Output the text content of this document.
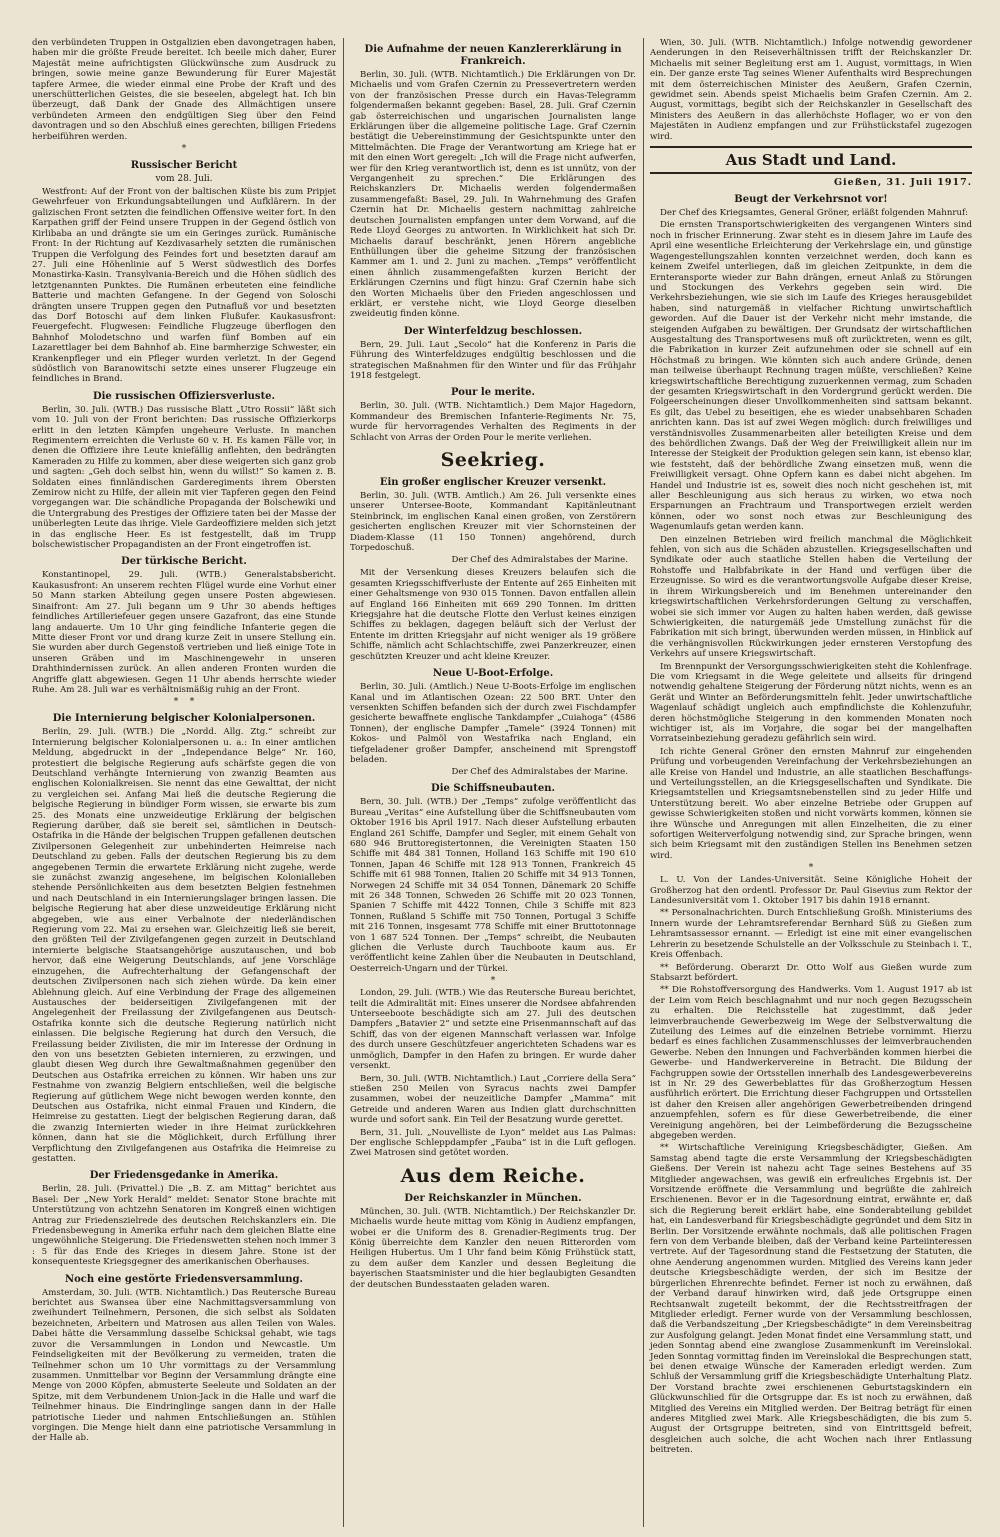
den verbündeten Truppen in Ostgalizien eben davongetragen haben, haben mir die größte Freude bereitet. Ich beeile mich daher, Eurer Majestät meine aufrichtigsten Glückwünsche zum Ausdruck zu bringen, sowie meine ganze Bewunderung für Eurer Majestät tapfere Armee, die wieder einmal eine Probe der Kraft und des unerschütterlichen Geistes, die sie beseelen, abgelegt hat. Ich bin überzeugt, daß Dank der Gnade des Allmächtigen unsere verbündeten Armeen den endgültigen Sieg über den Feind davontragen und so den Abschluß eines gerechten, billigen Friedens herbeiführen werden.

*
Russischer Bericht
vom 28. Juli.

Westfront: Auf der Front von der baltischen Küste bis zum Pripjet Gewehrfeuer von Erkundungsabteilungen und Aufklärern. In der galizischen Front setzten die feindlichen Offensive weiter fort. In den Karpathen griff der Feind unsere Truppen in der Gegend östlich von Kirlibaba an und drängte sie um ein Geringes zurück. Rumänische Front: In der Richtung auf Kezdivasarhely setzten die rumänischen Truppen die Verfolgung des Feindes fort und besetzten darauf am 27. Juli eine Höhenlinie auf 5 Werst südwestlich des Dorfes Monastirka-Kasin. Transylvania-Bereich und die Höhen südlich des letztgenannten Punktes. Die Rumänen erbeuteten eine feindliche Batterie und machten Gefangene. In der Gegend von Soloschi drängten unsere Truppen gegen den Putnafluß vor und besetzten das Dorf Botoschi auf dem linken Flußufer. Kaukasusfront: Feuergefecht. Flugwesen: Feindliche Flugzeuge überflogen den Bahnhof Molodetschno und warfen fünf Bomben auf ein Lazarettlager bei dem Bahnhof ab. Eine barmherzige Schwester, ein Krankenpfleger und ein Pfleger wurden verletzt. In der Gegend südöstlich von Baranowitschi setzte eines unserer Flugzeuge ein feindliches in Brand.

Die russischen Offiziersverluste.

Berlin, 30. Juli. (WTB.) Das russische Blatt „Utro Rossii“ läßt sich vom 10. Juli von der Front berichten: Das russische Offizierkorps erlitt in den letzten Kämpfen ungeheure Verluste. In manchen Regimentern erreichten die Verluste 60 v. H. Es kamen Fälle vor, in denen die Offiziere ihre Leute kniefällig anflehten, den bedrängten Kameraden zu Hilfe zu kommen, aber diese weigerten sich ganz grob und sagten: „Geh doch selbst hin, wenn du willst!“ So kamen z. B. Soldaten eines finnländischen Garderegiments ihrem Obersten Zemirow nicht zu Hilfe, der allein mit vier Tapferen gegen den Feind vorgegangen war. Die schändliche Propaganda der Bolschewiki und die Untergrabung des Prestiges der Offiziere taten bei der Masse der unüberlegten Leute das ihrige. Viele Gardeoffiziere melden sich jetzt in das englische Heer. Es ist festgestellt, daß im Trupp bolschewistischer Propagandisten an der Front eingetroffen ist.

Der türkische Bericht.

Konstantinopel, 29. Juli. (WTB.) Generalstabsbericht. Kaukasusfront: An unserem rechten Flügel wurde eine Vorhut einer 50 Mann starken Abteilung gegen unsere Posten abgewiesen. Sinaifront: Am 27. Juli begann um 9 Uhr 30 abends heftiges feindliches Artilleriefeuer gegen unsere Gazafront, das eine Stunde lang andauerte. Um 10 Uhr ging feindliche Infanterie gegen die Mitte dieser Front vor und drang kurze Zeit in unsere Stellung ein. Sie wurden aber durch Gegenstoß vertrieben und ließ einige Tote in unseren Gräben und im Maschinengewehr in unseren Drahthindernissen zurück. An allen anderen Fronten wurden die Angriffe glatt abgewiesen. Gegen 11 Uhr abends herrschte wieder Ruhe. Am 28. Juli war es verhältnismäßig ruhig an der Front.

*    *
Die Internierung belgischer Kolonialpersonen.

Berlin, 29. Juli. (WTB.) Die „Nordd. Allg. Ztg.“ schreibt zur Internierung belgischer Kolonialpersonen u. a.: In einer amtlichen Meldung, abgedruckt in der „Independance Belge“ Nr. 160, protestiert die belgische Regierung aufs schärfste gegen die von Deutschland verhängte Internierung von zwanzig Beamten aus englischen Kolonialkreisen. Sie nennt das eine Gewalttat, der nicht zu vergleichen sei. Anfang Mai ließ die deutsche Regierung die belgische Regierung in bündiger Form wissen, sie erwarte bis zum 25. des Monats eine unzweideutige Erklärung der belgischen Regierung darüber, daß sie bereit sei, sämtlichen in Deutsch-Ostafrika in die Hände der belgischen Truppen gefallenen deutschen Zivilpersonen Gelegenheit zur unbehinderten Heimreise nach Deutschland zu geben. Falls der deutschen Regierung bis zu dem angegebenen Termin die erwartete Erklärung nicht zugehe, werde sie zunächst zwanzig angesehene, im belgischen Kolonialleben stehende Persönlichkeiten aus dem besetzten Belgien festnehmen und nach Deutschland in ein Internierungslager bringen lassen. Die belgische Regierung hat aber diese unzweideutige Erklärung nicht abgegeben, wie aus einer Verbalnote der niederländischen Regierung vom 22. Mai zu ersehen war. Gleichzeitig ließ sie bereit, den größten Teil der Zivilgefangenen gegen zurzeit in Deutschland internierte belgische Staatsangehörige auszutauschen, und bob hervor, daß eine Weigerung Deutschlands, auf jene Vorschläge einzugehen, die Aufrechterhaltung der Gefangenschaft der deutschen Zivilpersonen nach sich ziehen würde. Da kein einer Ablehnung gleich. Auf eine Verbindung der Frage des allgemeinen Austausches der beiderseitigen Zivilgefangenen mit der Angelegenheit der Freilassung der Zivilgefangenen aus Deutsch-Ostafrika konnte sich die deutsche Regierung natürlich nicht einlassen. Die belgische Regierung hat durch den Versuch, die Freilassung beider Zivilisten, die mir im Interesse der Ordnung in den von uns besetzten Gebieten internieren, zu erzwingen, und glaubt diesen Weg durch ihre Gewaltmaßnahmen gegenüber den Deutschen aus Ostafrika erreichen zu können. Wir haben uns zur Festnahme von zwanzig Belgiern entschließen, weil die belgische Regierung auf gütlichem Wege nicht bewogen werden konnte, den Deutschen aus Ostafrika, nicht einmal Frauen und Kindern, die Heimreise zu gestatten. Liegt der belgischen Regierung daran, daß die zwanzig Internierten wieder in ihre Heimat zurückkehren können, dann hat sie die Möglichkeit, durch Erfüllung ihrer Verpflichtung den Zivilgefangenen aus Ostafrika die Heimreise zu gestatten.

Der Friedensgedanke in Amerika.

Berlin, 28. Juli. (Privattel.) Die „B. Z. am Mittag“ berichtet aus Basel: Der „New York Herald“ meldet: Senator Stone brachte mit Unterstützung von achtzehn Senatoren im Kongreß einen wichtigen Antrag zur Friedenszielrede des deutschen Reichskanzlers ein. Die Friedensbewegung in Amerika erfuhr nach dem gleichen Blatte eine ungewöhnliche Steigerung. Die Friedenswetten stehen noch immer 3 : 5 für das Ende des Krieges in diesem Jahre. Stone ist der konsequenteste Kriegsgegner des amerikanischen Oberhauses.

Noch eine gestörte Friedensversammlung.

Amsterdam, 30. Juli. (WTB. Nichtamtlich.) Das Reutersche Bureau berichtet aus Swansea über eine Nachmittagsversammlung von zweihundert Teilnehmern, Personen, die sich selbst als Soldaten bezeichneten, Arbeitern und Matrosen aus allen Teilen von Wales. Dabei hätte die Versammlung dasselbe Schicksal gehabt, wie tags zuvor die Versammlungen in London und Newcastle. Um Feindseligkeiten mit der Bevölkerung zu vermeiden, traten die Teilnehmer schon um 10 Uhr vormittags zu der Versammlung zusammen. Unmittelbar vor Beginn der Versammlung drängte eine Menge von 2000 Köpfen, abmusterte Seeleute und Soldaten an der Spitze, mit dem Verbundenem Union-Jack in die Halle und warf die Teilnehmer hinaus. Die Eindringlinge sangen dann in der Halle patriotische Lieder und nahmen Entschließungen an. Stühlen vorgingen. Die Menge hielt dann eine patriotische Versammlung in der Halle ab.

Die Aufnahme der neuen Kanzlererklärung in Frankreich.

Berlin, 30. Juli. (WTB. Nichtamtlich.) Die Erklärungen von Dr. Michaelis und vom Grafen Czernin zu Pressevertretern werden von der französischen Presse durch ein Havas-Telegramm folgendermaßen bekannt gegeben: Basel, 28. Juli. Graf Czernin gab österreichischen und ungarischen Journalisten lange Erklärungen über die allgemeine politische Lage. Graf Czernin bestätigt die Uebereinstimmung der Gesichtspunkte unter den Mittelmächten. Die Frage der Verantwortung am Kriege hat er mit den einen Wort geregelt: „Ich will die Frage nicht aufwerfen, wer für den Krieg verantwortlich ist, denn es ist unnütz, von der Vergangenheit zu sprechen.“ Die Erklärungen des Reichskanzlers Dr. Michaelis werden folgendermaßen zusammengefaßt: Basel, 29. Juli. In Wahrnehmung des Grafen Czernin hat Dr. Michaelis gestern nachmittag zahlreiche deutschen Journalisten empfangen unter dem Vorwand, auf die Rede Lloyd Georges zu antworten. In Wirklichkeit hat sich Dr. Michaelis darauf beschränkt, jenen Hörern angebliche Enthüllungen über die geheime Sitzung der französischen Kammer am 1. und 2. Juni zu machen. „Temps“ veröffentlicht einen ähnlich zusammengefaßten kurzen Bericht der Erklärungen Czernins und fügt hinzu: Graf Czernin habe sich den Worten Michaelis über den Frieden angeschlossen und erklärt, er verstehe nicht, wie Lloyd George dieselben zweideutig finden könne.

Der Winterfeldzug beschlossen.

Bern, 29. Juli. Laut „Secolo“ hat die Konferenz in Paris die Führung des Winterfeldzuges endgültig beschlossen und die strategischen Maßnahmen für den Winter und für das Frühjahr 1918 festgelegt.

Pour le merite.

Berlin, 30. Juli. (WTB. Nichtamtlich.) Dem Major Hagedorn, Kommandeur des Bremischen Infanterie-Regiments Nr. 75, wurde für hervorragendes Verhalten des Regiments in der Schlacht von Arras der Orden Pour le merite verliehen.

Seekrieg.
Ein großer englischer Kreuzer versenkt.

Berlin, 30. Juli. (WTB. Amtlich.) Am 26. Juli versenkte eines unserer Untersee-Boote, Kommandant Kapitänleutnant Steinbrinck, im englischen Kanal einen großen, von Zerstörern gesicherten englischen Kreuzer mit vier Schornsteinen der Diadem-Klasse (11 150 Tonnen) angehörend, durch Torpedoschuß.

Der Chef des Admiralstabes der Marine.

Mit der Versenkung dieses Kreuzers belaufen sich die gesamten Kriegsschiffverluste der Entente auf 265 Einheiten mit einer Gehaltsmenge von 930 015 Tonnen. Davon entfallen allein auf England 166 Einheiten mit 669 290 Tonnen. Im dritten Kriegsjahre hat die deutsche Flotte den Verlust keines einzigen Schiffes zu beklagen, dagegen beläuft sich der Verlust der Entente im dritten Kriegsjahr auf nicht weniger als 19 größere Schiffe, nämlich acht Schlachtschiffe, zwei Panzerkreuzer, einen geschützten Kreuzer und acht kleine Kreuzer.

Neue U-Boot-Erfolge.

Berlin, 30. Juli. (Amtlich.) Neue U-Boots-Erfolge im englischen Kanal und im Atlantischen Ozean: 22 500 BRT. Unter den versenkten Schiffen befanden sich der durch zwei Fischdampfer gesicherte bewaffnete englische Tankdampfer „Cuiahoga“ (4586 Tonnen), der englische Dampfer „Tamele“ (3924 Tonnen) mit Kokos- und Palmöl von Westafrika nach England, ein tiefgeladener großer Dampfer, anscheinend mit Sprengstoff beladen.

Der Chef des Admiralstabes der Marine.
Die Schiffsneubauten.

Bern, 30. Juli. (WTB.) Der „Temps“ zufolge veröffentlicht das Bureau „Veritas“ eine Aufstellung über die Schiffsneubauten vom Oktober 1916 bis April 1917. Nach dieser Aufstellung erbauten England 261 Schiffe, Dampfer und Segler, mit einem Gehalt von 680 946 Bruttoregistertonnen, die Vereinigten Staaten 150 Schiffe mit 484 381 Tonnen, Holland 163 Schiffe mit 190 610 Tonnen, Japan 46 Schiffe mit 128 913 Tonnen, Frankreich 45 Schiffe mit 61 988 Tonnen, Italien 20 Schiffe mit 34 913 Tonnen, Norwegen 24 Schiffe mit 34 054 Tonnen, Dänemark 20 Schiffe mit 26 348 Tonnen, Schweden 26 Schiffe mit 20 023 Tonnen, Spanien 7 Schiffe mit 4422 Tonnen, Chile 3 Schiffe mit 823 Tonnen, Rußland 5 Schiffe mit 750 Tonnen, Portugal 3 Schiffe mit 216 Tonnen, insgesamt 778 Schiffe mit einer Bruttotonnage von 1 687 524 Tonnen. Der „Temps“ schreibt, die Neubauten glichen die Verluste durch Tauchboote kaum aus. Er veröffentlicht keine Zahlen über die Neubauten in Deutschland, Oesterreich-Ungarn und der Türkei.

*

London, 29. Juli. (WTB.) Wie das Reutersche Bureau berichtet, teilt die Admiralität mit: Eines unserer die Nordsee abfahrenden Unterseeboote beschädigte sich am 27. Juli des deutschen Dampfers „Batavier 2“ und setzte eine Prisenmannschaft auf das Schiff, das von der eigenen Mannschaft verlassen war. Infolge des durch unsere Geschützfeuer angerichteten Schadens war es unmöglich, Dampfer in den Hafen zu bringen. Er wurde daher versenkt.

Bern, 30. Juli. (WTB. Nichtamtlich.) Laut „Corriere della Sera“ stießen 250 Meilen von Syracus nachts zwei Dampfer zusammen, wobei der neuzeitliche Dampfer „Mamma“ mit Getreide und anderen Waren aus Indien glatt durchschnitten wurde und sofort sank. Ein Teil der Besatzung wurde gerettet.

Bern, 31. Juli. „Nouvelliste de Lyon“ meldet aus Las Palmas: Der englische Schleppdampfer „Fauba“ ist in die Luft geflogen. Zwei Matrosen sind getötet worden.

Aus dem Reiche.
Der Reichskanzler in München.

München, 30. Juli. (WTB. Nichtamtlich.) Der Reichskanzler Dr. Michaelis wurde heute mittag vom König in Audienz empfangen, wobei er die Uniform des 8. Grenadier-Regiments trug. Der König überreichte dem Kanzler den neuen Ritterorden vom Heiligen Hubertus. Um 1 Uhr fand beim König Frühstück statt, zu dem außer dem Kanzler und dessen Begleitung die bayerischen Staatsminister und die hier beglaubigten Gesandten der deutschen Bundesstaaten geladen waren.

Wien, 30. Juli. (WTB. Nichtamtlich.) Infolge notwendig gewordener Aenderungen in den Reiseverhältnissen trifft der Reichskanzler Dr. Michaelis mit seiner Begleitung erst am 1. August, vormittags, in Wien ein. Der ganze erste Tag seines Wiener Aufenthalts wird Besprechungen mit dem österreichischen Minister des Aeußern, Grafen Czernin, gewidmet sein. Abends speist Michaelis beim Grafen Czernin. Am 2. August, vormittags, begibt sich der Reichskanzler in Gesellschaft des Ministers des Aeußern in das allerhöchste Hoflager, wo er von den Majestäten in Audienz empfangen und zur Frühstückstafel zugezogen wird.

Aus Stadt und Land.
Gießen, 31. Juli 1917.
Beugt der Verkehrsnot vor!

Der Chef des Kriegsamtes, General Gröner, erläßt folgenden Mahnruf:

Die ernsten Transportschwierigkeiten des vergangenen Winters sind noch in frischer Erinnerung. Zwar steht es in diesem Jahre im Laufe des April eine wesentliche Erleichterung der Verkehrslage ein, und günstige Wagengestellungszahlen konnten verzeichnet werden, doch kann es keinem Zweifel unterliegen, daß im gleichen Zeitpunkte, in dem die Ernteransporte wieder zur Bahn drängen, erneut Anlaß zu Störungen und Stockungen des Verkehrs gegeben sein wird. Die Verkehrsbeziehungen, wie sie sich im Laufe des Krieges herausgebildet haben, sind naturgemäß in vielfacher Richtung unwirtschaftlich geworden. Auf die Dauer ist der Verkehr nicht mehr imstande, die steigenden Aufgaben zu bewältigen. Der Grundsatz der wirtschaftlichen Ausgestaltung des Transportwesens muß oft zurücktreten, wenn es gilt, die Fabrikation in kurzer Zeit aufzunehmen oder sie schnell auf ein Höchstmaß zu bringen. Wie könnten sich auch andere Gründe, denen man teilweise überhaupt Rechnung tragen müßte, verschließen? Keine kriegswirtschaftliche Berechtigung zuzuerkennen vermag, zum Schaden der gesamten Kriegswirtschaft in den Vordergrund gerückt werden. Die Folgeerscheinungen dieser Unvollkommenheiten sind sattsam bekannt. Es gilt, das Uebel zu beseitigen, ehe es wieder unabsehbaren Schaden anrichten kann. Das ist auf zwei Wegen möglich: durch freiwilliges und verständnisvolles Zusammenarbeiten aller beteiligten Kreise und dem des behördlichen Zwangs. Daß der Weg der Freiwilligkeit allein nur im Interesse der Steigkeit der Produktion gelegen sein kann, ist ebenso klar, wie feststeht, daß der behördliche Zwang einsetzen muß, wenn die Freiwilligkeit versagt. Ohne Opfern kann es dabei nicht abgehen. Im Handel und Industrie ist es, soweit dies noch nicht geschehen ist, mit aller Beschleunigung aus sich heraus zu wirken, wo etwa noch Ersparnungen an Frachtraum und Transportwegen erzielt werden können, oder wo sonst noch etwas zur Beschleunigung des Wagenumlaufs getan werden kann.

Den einzelnen Betrieben wird freilich manchmal die Möglichkeit fehlen, von sich aus die Schäden abzustellen. Kriegsgesellschaften und Syndikate oder auch staatliche Stellen haben die Verteilung der Rohstoffe und Halbfabrikate in der Hand und verfügen über die Erzeugnisse. So wird es die verantwortungsvolle Aufgabe dieser Kreise, in ihrem Wirkungsbereich und im Benehmen untereinander den kriegswirtschaftlichen Verkehrsforderungen Geltung zu verschaffen, wobei sie sich immer vor Augen zu halten haben werden, daß gewisse Schwierigkeiten, die naturgemäß jede Umstellung zunächst für die Fabrikation mit sich bringt, überwunden werden müssen, in Hinblick auf die verhängnisvollen Rückwirkungen jeder ernsteren Verstopfung des Verkehrs auf unsere Kriegswirtschaft.

Im Brennpunkt der Versorgungsschwierigkeiten steht die Kohlenfrage. Die vom Kriegsamt in die Wege geleitete und allseits für dringend notwendig gehaltene Steigerung der Förderung nützt nichts, wenn es an Gerät und Winter an Beförderungsmitteln fehlt. Jeder unwirtschaftliche Wagenlauf schädigt ungleich auch empfindlichste die Kohlenzufuhr, deren höchstmögliche Steigerung in den kommenden Monaten noch wichtiger ist, als im Vorjahre, die sogar bei der mangelhaften Vorratseinbeziehung geradezu gefährlich sein wird.

Ich richte General Gröner den ernsten Mahnruf zur eingehenden Prüfung und vorbeugenden Vereinfachung der Verkehrsbeziehungen an alle Kreise von Handel und Industrie, an alle staatlichen Beschaffungs- und Verteilungsstellen, an die Kriegsgesellschaften und Syndikate. Die Kriegsamtstellen und Kriegsamtsnebenstellen sind zu jeder Hilfe und Unterstützung bereit. Wo aber einzelne Betriebe oder Gruppen auf gewisse Schwierigkeiten stoßen und nicht vorwärts kommen, können sie ihre Wünsche und Anregungen mit allen Einzelheiten, die zu einer sofortigen Weiterverfolgung notwendig sind, zur Sprache bringen, wenn sich beim Kriegsamt mit den zuständigen Stellen ins Benehmen setzen wird.

*

L. U. Von der Landes-Universität. Seine Königliche Hoheit der Großherzog hat den ordentl. Professor Dr. Paul Gisevius zum Rektor der Landesuniversität vom 1. Oktober 1917 bis dahin 1918 ernannt.

** Personalnachrichten. Durch Entschließung Großh. Ministeriums des Innern wurde der Lehramtsreferendar Bernhard Süß zu Gießen zum Lehramtsassessor ernannt. — Erledigt ist eine mit einer evangelischen Lehrerin zu besetzende Schulstelle an der Volksschule zu Steinbach i. T., Kreis Offenbach.

** Beförderung. Oberarzt Dr. Otto Wolf aus Gießen wurde zum Stabsarzt befördert.

** Die Rohstoffversorgung des Handwerks. Vom 1. August 1917 ab ist der Leim vom Reich beschlagnahmt und nur noch gegen Bezugsschein zu erhalten. Die Reichsstelle hat zugestimmt, daß jeder leimverbrauchende Gewerbezweig im Wege der Selbstverwaltung die Zuteilung des Leimes auf die einzelnen Betriebe vornimmt. Hierzu bedarf es eines fachlichen Zusammenschlusses der leimverbrauchenden Gewerbe. Neben den Innungen und Fachverbänden kommen hierbei die Gewerbe- und Handwerkervereine in Betracht. Die Bildung der Fachgruppen sowie der Ortsstellen innerhalb des Landesgewerbevereins ist in Nr. 29 des Gewerbeblattes für das Großherzogtum Hessen ausführlich erörtert. Die Errichtung dieser Fachgruppen und Ortsstellen ist daher den Kreisen aller angehörigen Gewerbetreibenden dringend anzuempfehlen, sofern es für diese Gewerbetreibende, die einer Vereinigung angehören, bei der Leimbeförderung die Bezugsscheine abgegeben werden.

** Wirtschaftliche Vereinigung Kriegsbeschädigter, Gießen. Am Samstag abend tagte die erste Versammlung der Kriegsbeschädigten Gießens. Der Verein ist nahezu acht Tage seines Bestehens auf 35 Mitglieder angewachsen, was gewiß ein erfreuliches Ergebnis ist. Der Vorsitzende eröffnete die Versammlung und begrüßte die zahlreich Erschienenen. Bevor er in die Tagesordnung eintrat, erwähnte er, daß sich die Regierung bereit erklärt habe, eine Sonderabteilung gebildet hat, ein Landesverband für Kriegsbeschädigte gegründet und dem Sitz in Berlin. Der Vorsitzende erwähnte nochmals, daß alle politischen Fragen fern von dem Verbande bleiben, daß der Verband keine Parteiinteressen vertrete. Auf der Tagesordnung stand die Festsetzung der Statuten, die ohne Aenderung angenommen wurden. Mitglied des Vereins kann jeder deutsche Kriegsbeschädigte werden, der sich im Besitze der bürgerlichen Ehrenrechte befindet. Ferner ist noch zu erwähnen, daß der Verband darauf hinwirken wird, daß jede Ortsgruppe einen Rechtsanwalt zugeteilt bekommt, der die Rechtsstreitfragen der Mitglieder erledigt. Ferner wurde von der Versammlung beschlossen, daß die Verbandszeitung „Der Kriegsbeschädigte“ in dem Vereinsbeitrag zur Ausfolgung gelangt. Jeden Monat findet eine Versammlung statt, und jeden Sonntag abend eine zwanglose Zusammenkunft im Vereinslokal. Jeden Sonntag vormittag finden im Vereinslokal die Besprechungen statt, bei denen etwaige Wünsche der Kameraden erledigt werden. Zum Schluß der Versammlung griff die Kriegsbeschädigte Unterhaltung Platz. Der Vorstand brachte zwei erschienenen Geburtstagskindern ein Glückwunschlied für die Ortsgruppe dar. Es ist noch zu erwähnen, daß Mitglied des Vereins ein Mitglied werden. Der Beitrag beträgt für einen anderes Mitglied zwei Mark. Alle Kriegsbeschädigten, die bis zum 5. August der Ortsgruppe beitreten, sind von Eintrittsgeld befreit, desgleichen auch solche, die acht Wochen nach ihrer Entlassung beitreten.
